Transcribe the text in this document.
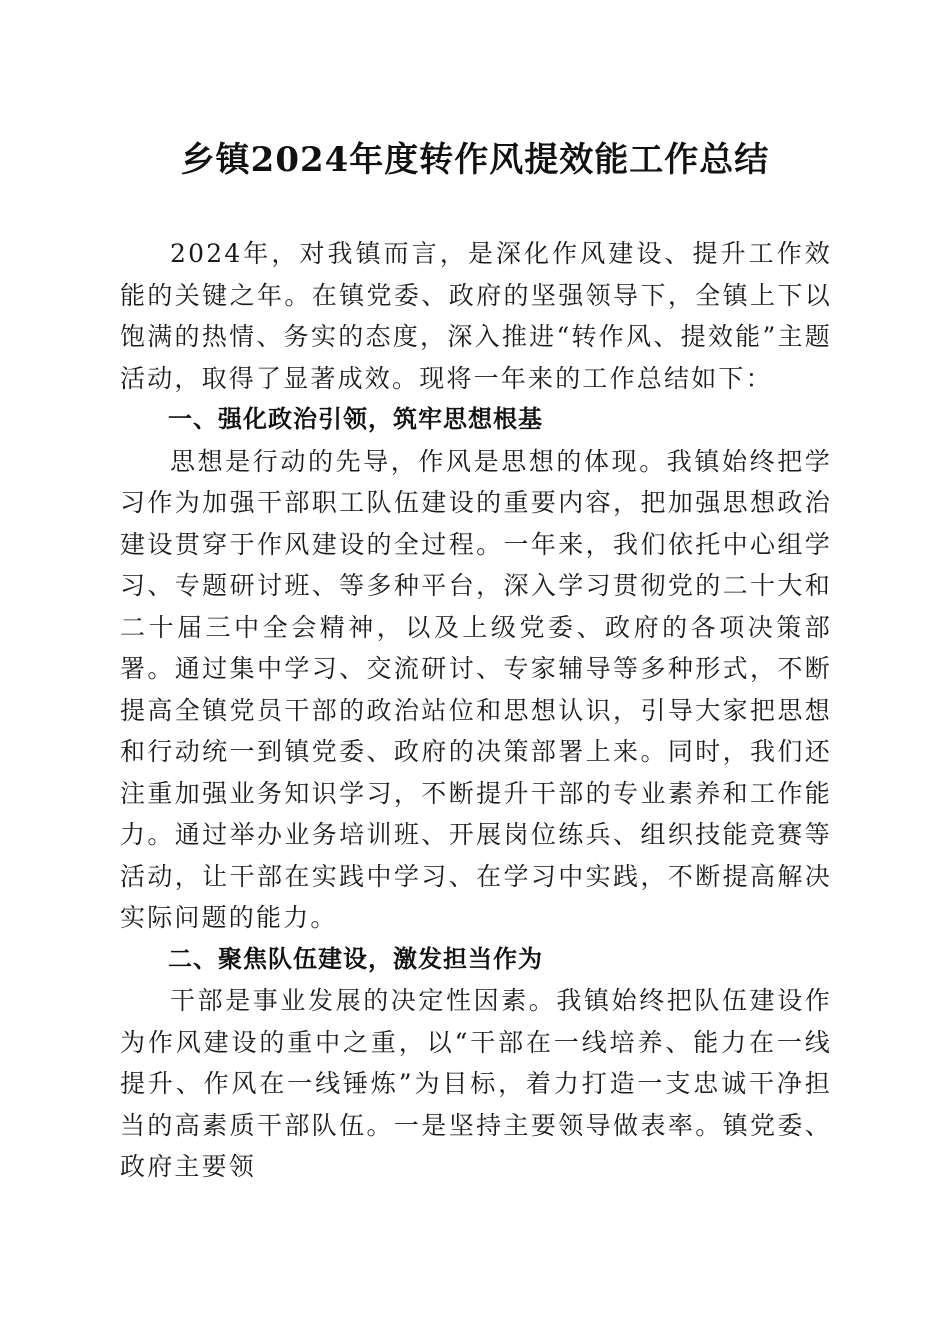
乡镇2024年度转作风提效能工作总结

2024年，对我镇而言，是深化作风建设、提升工作效能的关键之年。在镇党委、政府的坚强领导下，全镇上下以饱满的热情、务实的态度，深入推进“转作风、提效能”主题活动，取得了显著成效。现将一年来的工作总结如下：

一、强化政治引领，筑牢思想根基

思想是行动的先导，作风是思想的体现。我镇始终把学习作为加强干部职工队伍建设的重要内容，把加强思想政治建设贯穿于作风建设的全过程。一年来，我们依托中心组学习、专题研讨班、等多种平台，深入学习贯彻党的二十大和二十届三中全会精神，以及上级党委、政府的各项决策部署。通过集中学习、交流研讨、专家辅导等多种形式，不断提高全镇党员干部的政治站位和思想认识，引导大家把思想和行动统一到镇党委、政府的决策部署上来。同时，我们还注重加强业务知识学习，不断提升干部的专业素养和工作能力。通过举办业务培训班、开展岗位练兵、组织技能竞赛等活动，让干部在实践中学习、在学习中实践，不断提高解决实际问题的能力。

二、聚焦队伍建设，激发担当作为

干部是事业发展的决定性因素。我镇始终把队伍建设作为作风建设的重中之重，以“干部在一线培养、能力在一线提升、作风在一线锤炼”为目标，着力打造一支忠诚干净担当的高素质干部队伍。一是坚持主要领导做表率。镇党委、政府主要领
